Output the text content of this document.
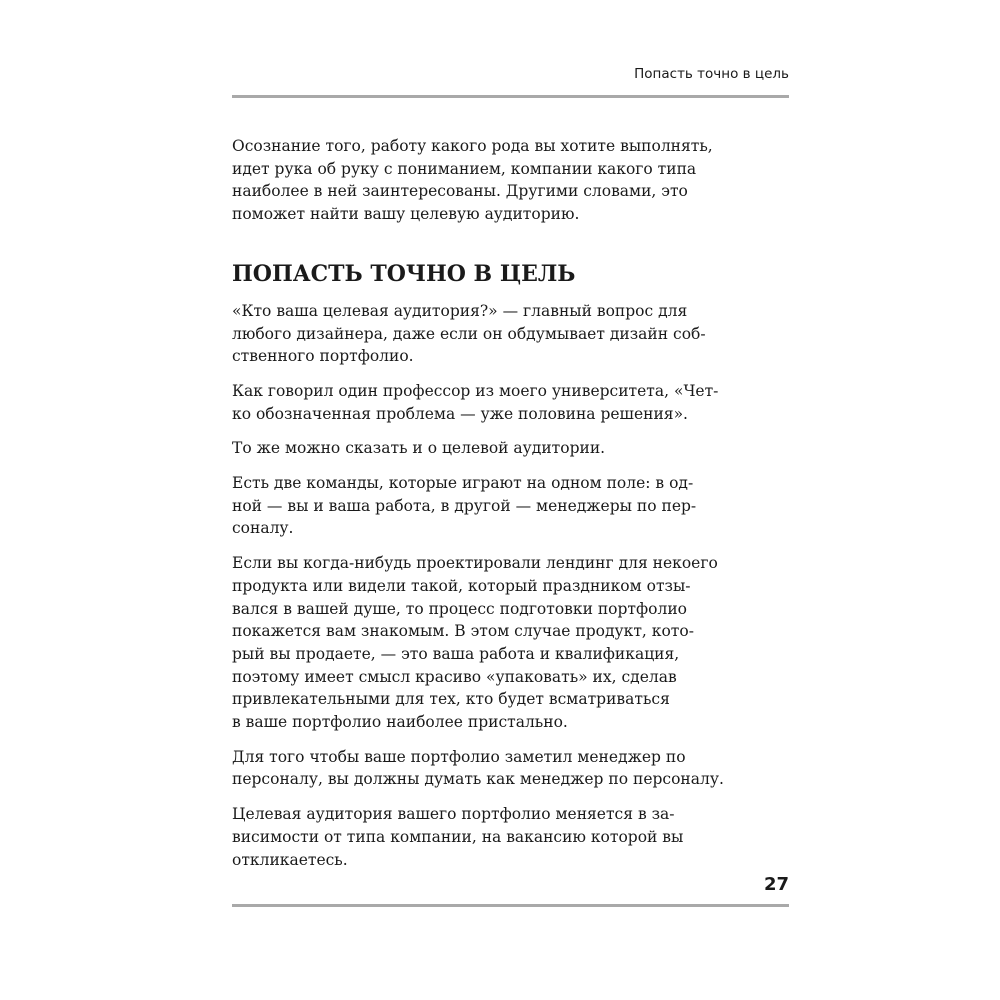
Попасть точно в цель

Осознание того, работу какого рода вы хотите выполнять,
идет рука об руку с пониманием, компании какого типа
наиболее в ней заинтересованы. Другими словами, это
поможет найти вашу целевую аудиторию.

ПОПАСТЬ ТОЧНО В ЦЕЛЬ

«Кто ваша целевая аудитория?» — главный вопрос для
любого дизайнера, даже если он обдумывает дизайн соб-
ственного портфолио.

Как говорил один профессор из моего университета, «Чет-
ко обозначенная проблема — уже половина решения».

То же можно сказать и о целевой аудитории.

Есть две команды, которые играют на одном поле: в од-
ной — вы и ваша работа, в другой — менеджеры по пер-
соналу.

Если вы когда-нибудь проектировали лендинг для некоего
продукта или видели такой, который праздником отзы-
вался в вашей душе, то процесс подготовки портфолио
покажется вам знакомым. В этом случае продукт, кото-
рый вы продаете, — это ваша работа и квалификация,
поэтому имеет смысл красиво «упаковать» их, сделав
привлекательными для тех, кто будет всматриваться
в ваше портфолио наиболее пристально.

Для того чтобы ваше портфолио заметил менеджер по
персоналу, вы должны думать как менеджер по персоналу.

Целевая аудитория вашего портфолио меняется в за-
висимости от типа компании, на вакансию которой вы
откликаетесь.

27
